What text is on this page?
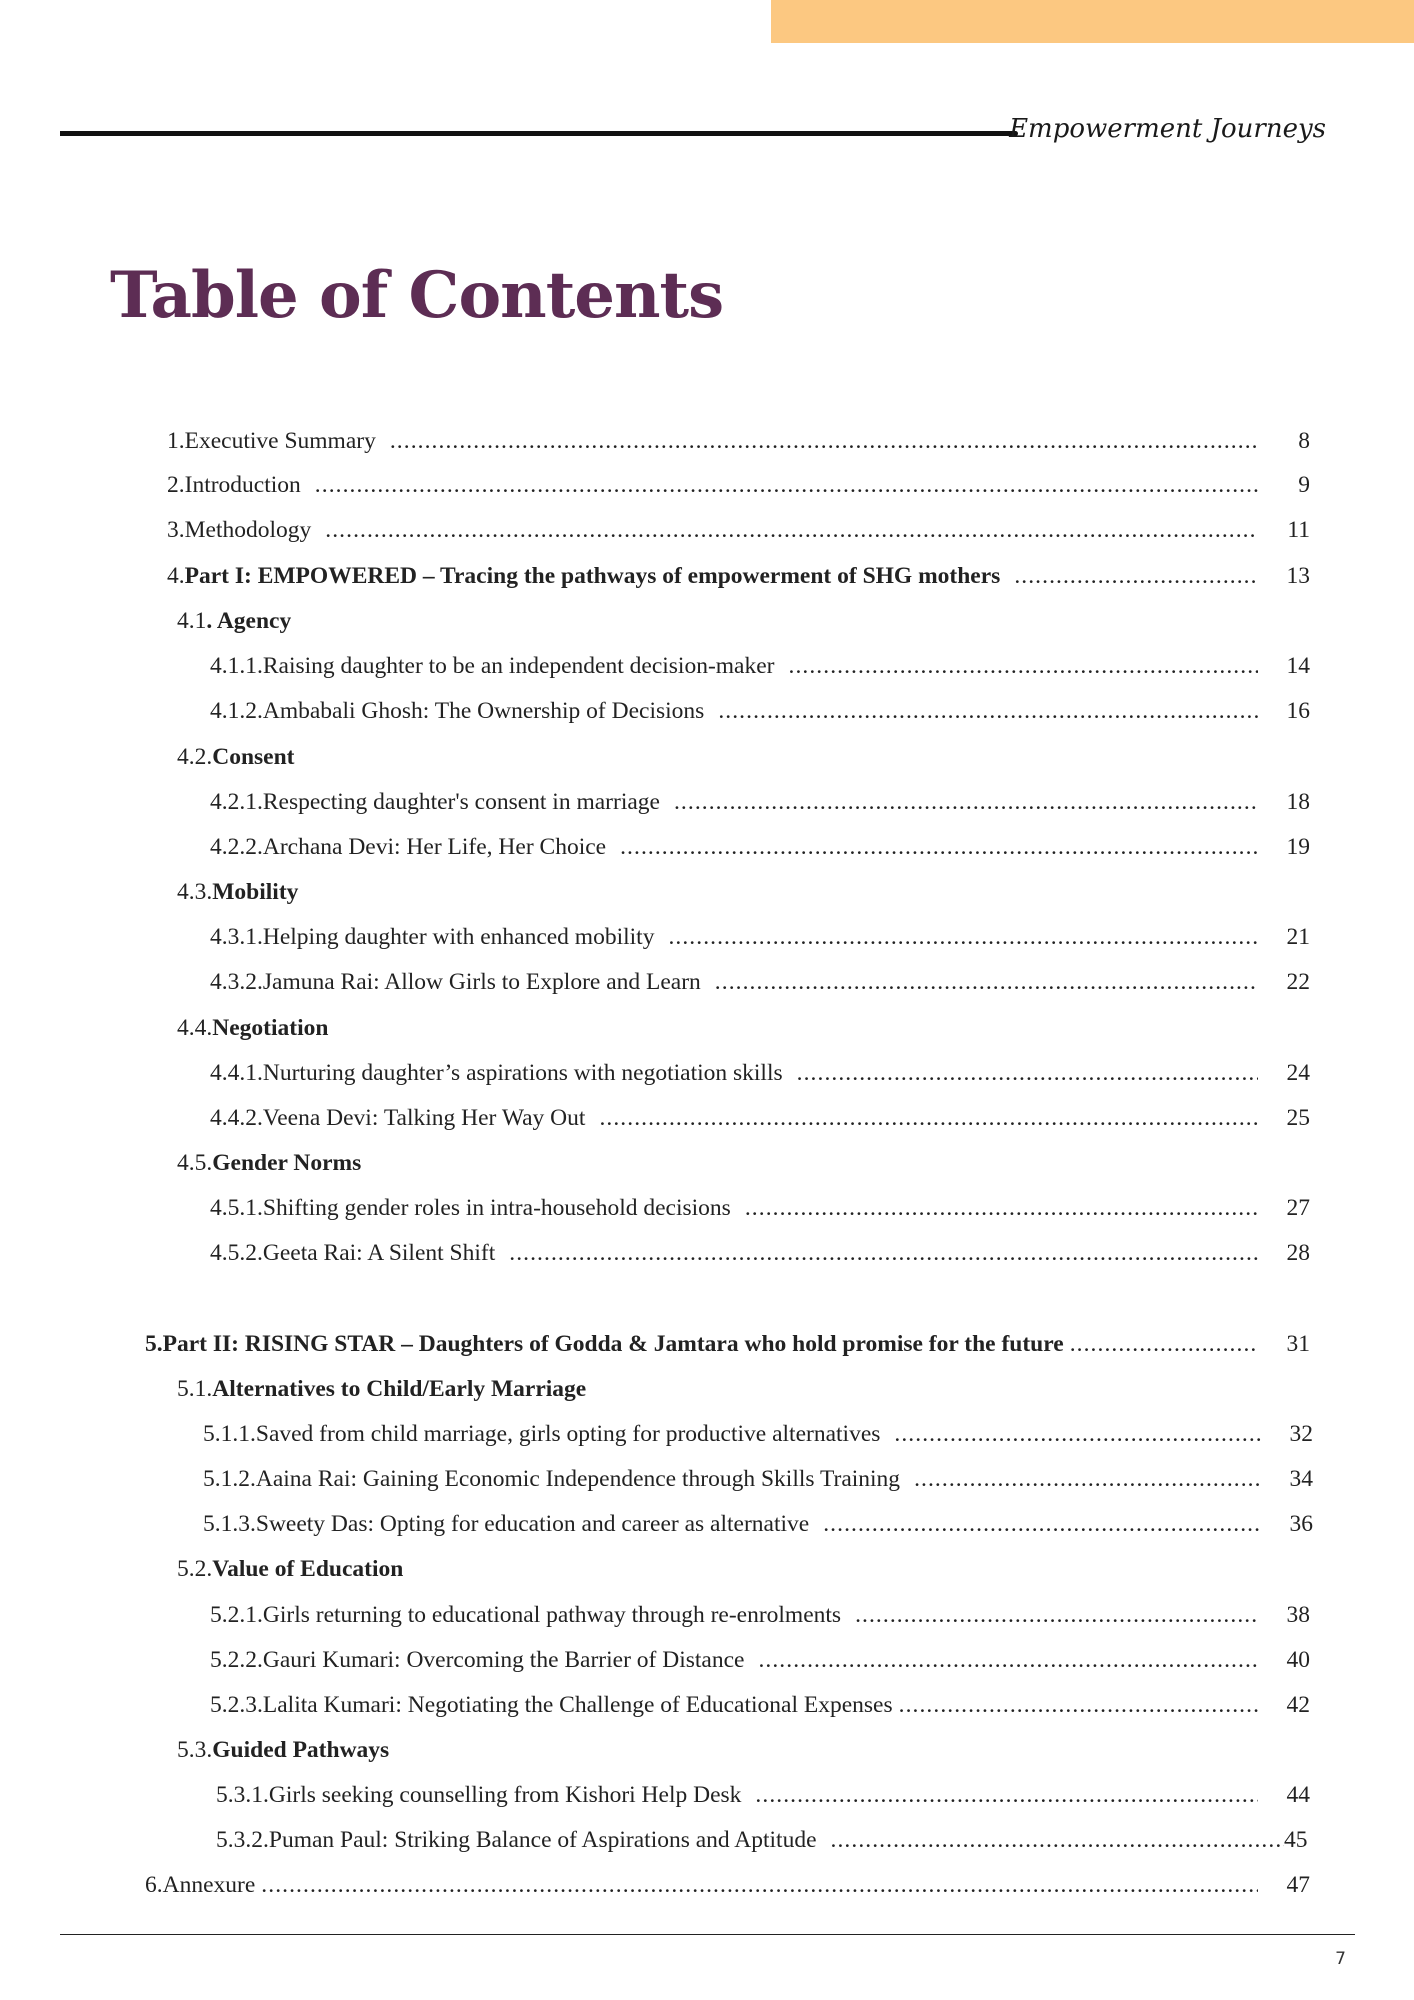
Empowerment Journeys
Table of Contents
1. Executive Summary . . .	8
2. Introduction . . .	9
3. Methodology . . .	11
4. Part I: EMPOWERED – Tracing the pathways of empowerment of SHG mothers . . .	13
4.1 . Agency
4.1.1. Raising daughter to be an independent decision-maker . . .	14
4.1.2. Ambabali Ghosh: The Ownership of Decisions . . .	16
4.2. Consent
4.2.1. Respecting daughter's consent in marriage . . .	18
4.2.2. Archana Devi: Her Life, Her Choice . . .	19
4.3. Mobility
4.3.1. Helping daughter with enhanced mobility . . .	21
4.3.2. Jamuna Rai: Allow Girls to Explore and Learn . . .	22
4.4. Negotiation
4.4.1. Nurturing daughter’s aspirations with negotiation skills . . .	24
4.4.2. Veena Devi: Talking Her Way Out . . .	25
4.5. Gender Norms
4.5.1. Shifting gender roles in intra-household decisions . . .	27
4.5.2. Geeta Rai: A Silent Shift . . .	28
5. Part II: RISING STAR – Daughters of Godda & Jamtara who hold promise for the future . . .	31
5.1. Alternatives to Child/Early Marriage
5.1.1. Saved from child marriage, girls opting for productive alternatives . . .	32
5.1.2. Aaina Rai: Gaining Economic Independence through Skills Training . . .	34
5.1.3. Sweety Das: Opting for education and career as alternative . . .	36
5.2. Value of Education
5.2.1. Girls returning to educational pathway through re-enrolments . . .	38
5.2.2. Gauri Kumari: Overcoming the Barrier of Distance . . .	40
5.2.3. Lalita Kumari: Negotiating the Challenge of Educational Expenses . . .	42
5.3. Guided Pathways
5.3.1. Girls seeking counselling from Kishori Help Desk . . .	44
5.3.2. Puman Paul: Striking Balance of Aspirations and Aptitude . . .	45
6. Annexure . . .	47
7
